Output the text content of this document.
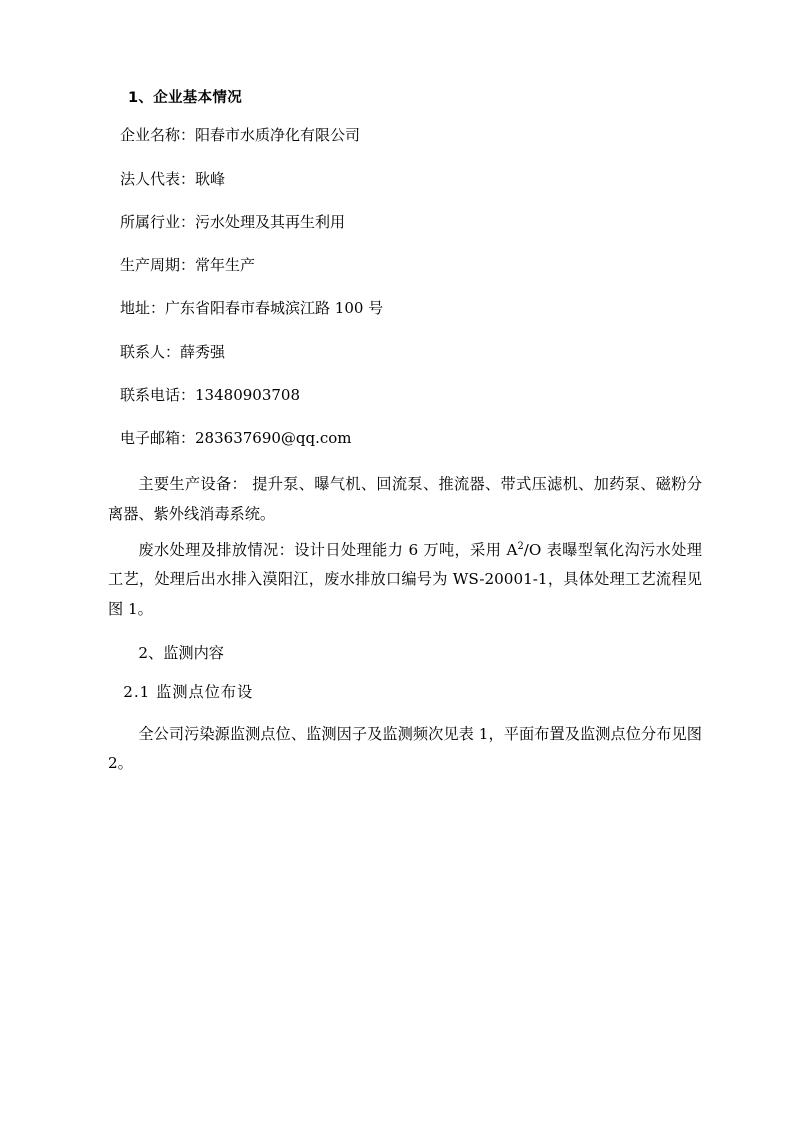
1、企业基本情况
企业名称：阳春市水质净化有限公司
法人代表：耿峰
所属行业：污水处理及其再生利用
生产周期：常年生产
地址：广东省阳春市春城滨江路 100 号
联系人：薛秀强
联系电话：13480903708
电子邮箱：283637690@qq.com
主要生产设备： 提升泵、曝气机、回流泵、推流器、带式压滤机、加药泵、磁粉分离器、紫外线消毒系统。
废水处理及排放情况：设计日处理能力 6 万吨，采用 $A^2/O$ 表曝型氧化沟污水处理工艺，处理后出水排入漠阳江，废水排放口编号为 WS-20001-1，具体处理工艺流程见图 1。
2、监测内容
2.1 监测点位布设
全公司污染源监测点位、监测因子及监测频次见表 1，平面布置及监测点位分布见图 2。
